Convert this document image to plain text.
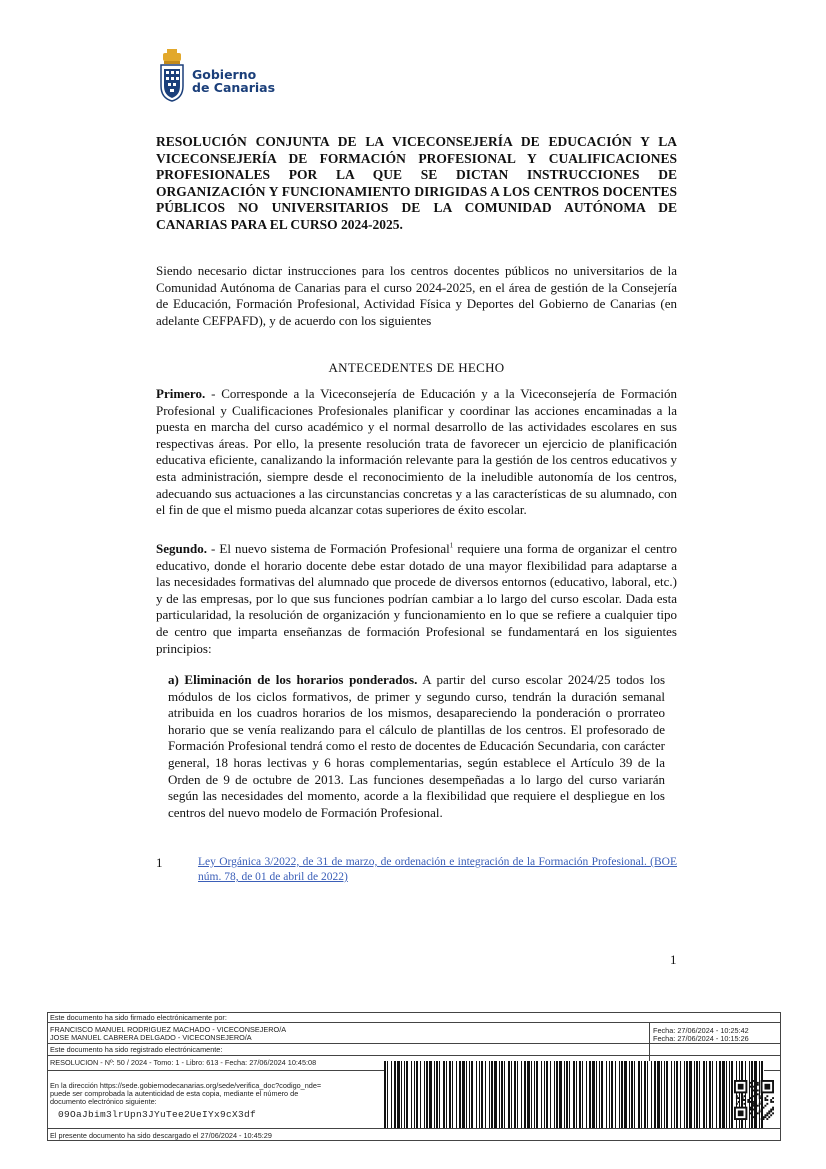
Gobierno
de Canarias
RESOLUCIÓN CONJUNTA DE LA VICECONSEJERÍA DE EDUCACIÓN Y LA VICECONSEJERÍA DE FORMACIÓN PROFESIONAL Y CUALIFICACIONES PROFESIONALES POR LA QUE SE DICTAN INSTRUCCIONES DE ORGANIZACIÓN Y FUNCIONAMIENTO DIRIGIDAS A LOS CENTROS DOCENTES PÚBLICOS NO UNIVERSITARIOS DE LA COMUNIDAD AUTÓNOMA DE CANARIAS PARA EL CURSO 2024-2025.
Siendo necesario dictar instrucciones para los centros docentes públicos no universitarios de la Comunidad Autónoma de Canarias para el curso 2024-2025, en el área de gestión de la Consejería de Educación, Formación Profesional, Actividad Física y Deportes del Gobierno de Canarias (en adelante CEFPAFD), y de acuerdo con los siguientes
ANTECEDENTES DE HECHO
Primero. - Corresponde a la Viceconsejería de Educación y a la Viceconsejería de Formación Profesional y Cualificaciones Profesionales planificar y coordinar las acciones encaminadas a la puesta en marcha del curso académico y el normal desarrollo de las actividades escolares en sus respectivas áreas. Por ello, la presente resolución trata de favorecer un ejercicio de planificación educativa eficiente, canalizando la información relevante para la gestión de los centros educativos y esta administración, siempre desde el reconocimiento de la ineludible autonomía de los centros, adecuando sus actuaciones a las circunstancias concretas y a las características de su alumnado, con el fin de que el mismo pueda alcanzar cotas superiores de éxito escolar.
Segundo. - El nuevo sistema de Formación Profesional$^1$ requiere una forma de organizar el centro educativo, donde el horario docente debe estar dotado de una mayor flexibilidad para adaptarse a las necesidades formativas del alumnado que procede de diversos entornos (educativo, laboral, etc.) y de las empresas, por lo que sus funciones podrían cambiar a lo largo del curso escolar. Dada esta particularidad, la resolución de organización y funcionamiento en lo que se refiere a cualquier tipo de centro que imparta enseñanzas de formación Profesional se fundamentará en los siguientes principios:
a) Eliminación de los horarios ponderados. A partir del curso escolar 2024/25 todos los módulos de los ciclos formativos, de primer y segundo curso, tendrán la duración semanal atribuida en los cuadros horarios de los mismos, desapareciendo la ponderación o prorrateo horario que se venía realizando para el cálculo de plantillas de los centros. El profesorado de Formación Profesional tendrá como el resto de docentes de Educación Secundaria, con carácter general, 18 horas lectivas y 6 horas complementarias, según establece el Artículo 39 de la Orden de 9 de octubre de 2013. Las funciones desempeñadas a lo largo del curso variarán según las necesidades del momento, acorde a la flexibilidad que requiere el despliegue en los centros del nuevo modelo de Formación Profesional.
1	Ley Orgánica 3/2022, de 31 de marzo, de ordenación e integración de la Formación Profesional. (BOE núm. 78, de 01 de abril de 2022)
1
Este documento ha sido firmado electrónicamente por:
FRANCISCO MANUEL RODRIGUEZ MACHADO - VICECONSEJERO/A
JOSE MANUEL CABRERA DELGADO - VICECONSEJERO/A
Fecha: 27/06/2024 - 10:25:42
Fecha: 27/06/2024 - 10:15:26
Este documento ha sido registrado electrónicamente:
RESOLUCION - Nº: 50 / 2024 - Tomo: 1 - Libro: 613 - Fecha: 27/06/2024 10:45:08
En la dirección https://sede.gobiernodecanarias.org/sede/verifica_doc?codigo_nde=
puede ser comprobada la autenticidad de esta copia, mediante el número de
documento electrónico siguiente:
09OaJbim3lrUpn3JYuTee2UeIYx9cX3df
El presente documento ha sido descargado el 27/06/2024 - 10:45:29
